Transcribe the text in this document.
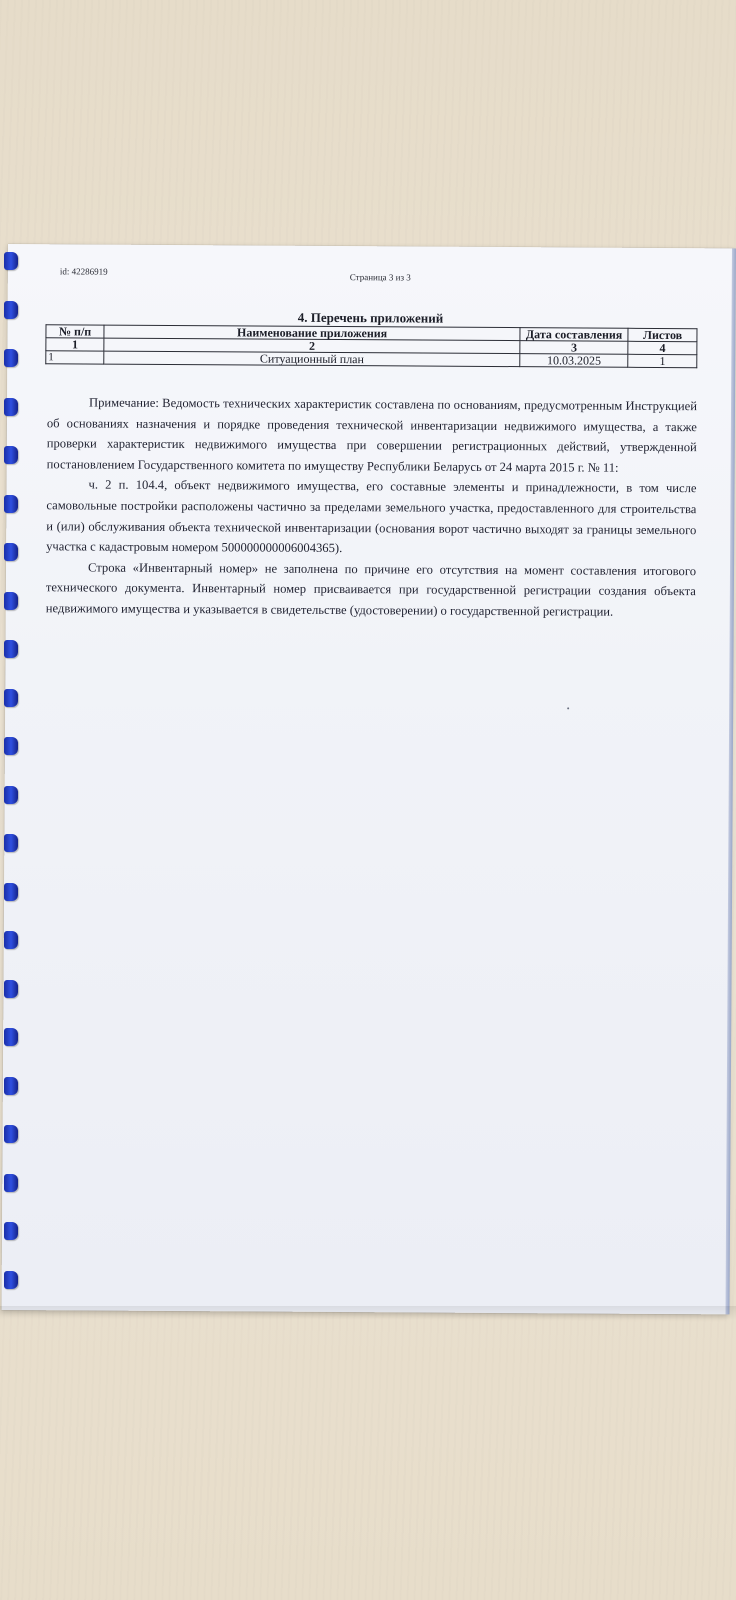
id: 42286919
Страница 3 из 3
4. Перечень приложений
№ п/п	Наименование приложения	Дата составления	Листов
1	2	3	4
1	Ситуационный план	10.03.2025	1

Примечание: Ведомость технических характеристик составлена по основаниям, предусмотренным Инструкцией об основаниях назначения и порядке проведения технической инвентаризации недвижимого имущества, а также проверки характеристик недвижимого имущества при совершении регистрационных действий, утвержденной постановлением Государственного комитета по имуществу Республики Беларусь от 24 марта 2015 г. № 11:

ч. 2 п. 104.4, объект недвижимого имущества, его составные элементы и принадлежности, в том числе самовольные постройки расположены частично за пределами земельного участка, предоставленного для строительства и (или) обслуживания объекта технической инвентаризации (основания ворот частично выходят за границы земельного участка с кадастровым номером 500000000006004365).

Строка «Инвентарный номер» не заполнена по причине его отсутствия на момент составления итогового технического документа. Инвентарный номер присваивается при государственной регистрации создания объекта недвижимого имущества и указывается в свидетельстве (удостоверении) о государственной регистрации.
